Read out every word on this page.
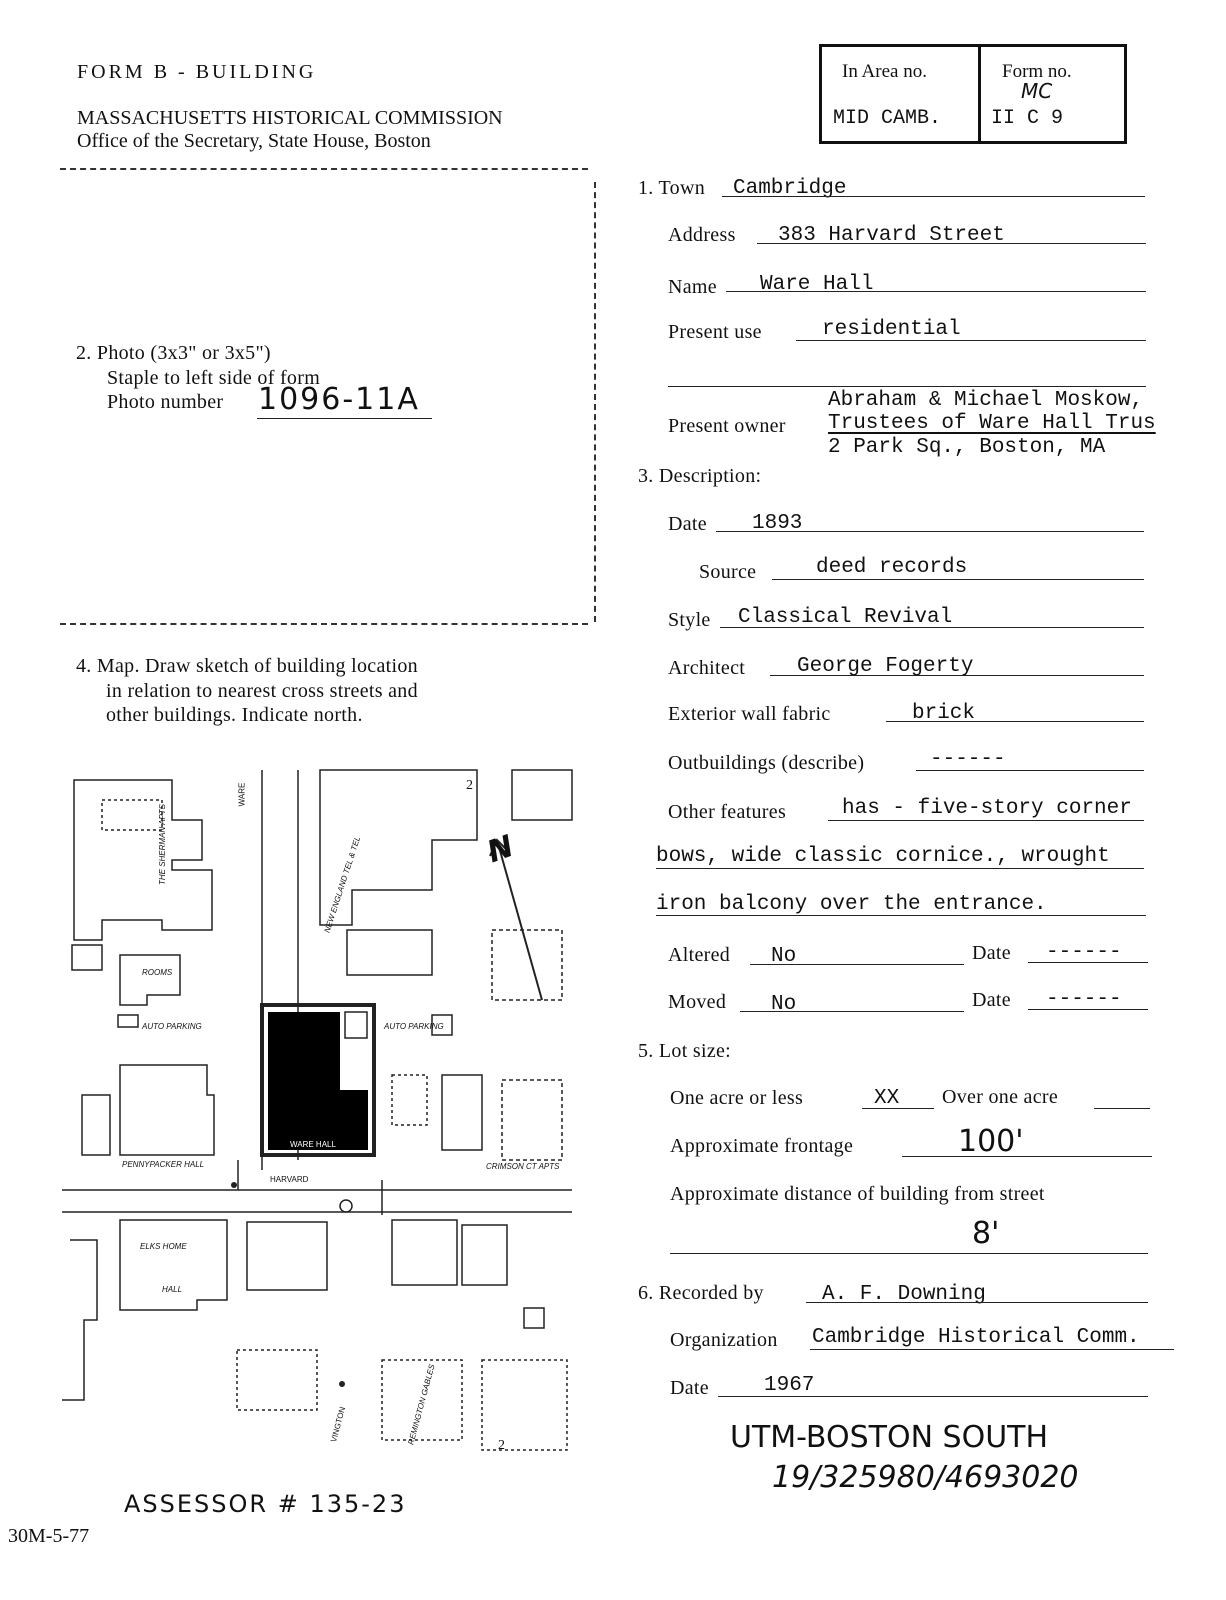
FORM B - BUILDING
MASSACHUSETTS HISTORICAL COMMISSION
Office of the Secretary, State House, Boston
In Area no.
MID CAMB.
Form no.
MC
II C 9
2. Photo (3x3" or 3x5")
Staple to left side of form
Photo number 1096-11A
4. Map. Draw sketch of building location
in relation to nearest cross streets and
other buildings. Indicate north.
WARE
HARVARD
THE SHERMAN APTS	NEW ENGLAND TEL & TEL
WARE HALL
ELKS HOME
CRIMSON CT APTS
REMINGTON GABLES
PENNYPACKER HALL
AUTO PARKING	AUTO PARKING
ROOMS
HALL
VINGTON
N
2
2
1. Town Cambridge
Address 383 Harvard Street
Name Ware Hall
Present use	residential
Abraham & Michael Moskow,
Present owner Trustees of Ware Hall Trus
2 Park Sq., Boston, MA
3. Description:
Date 1893
Source	deed records
Style Classical Revival
Architect George Fogerty
Exterior wall fabric	brick
Outbuildings (describe)	------
Other features	has - five-story corner
bows, wide classic cornice., wrought
iron balcony over the entrance.
Altered No	Date ------
Moved No	Date ------
5. Lot size:
One acre or less	XX Over one acre
Approximate frontage	100'
Approximate distance of building from street
8'
6. Recorded by	A. F. Downing
Organization Cambridge Historical Comm.
Date	1967
UTM-BOSTON SOUTH
19/325980/4693020
ASSESSOR # 135-23
30M-5-77
